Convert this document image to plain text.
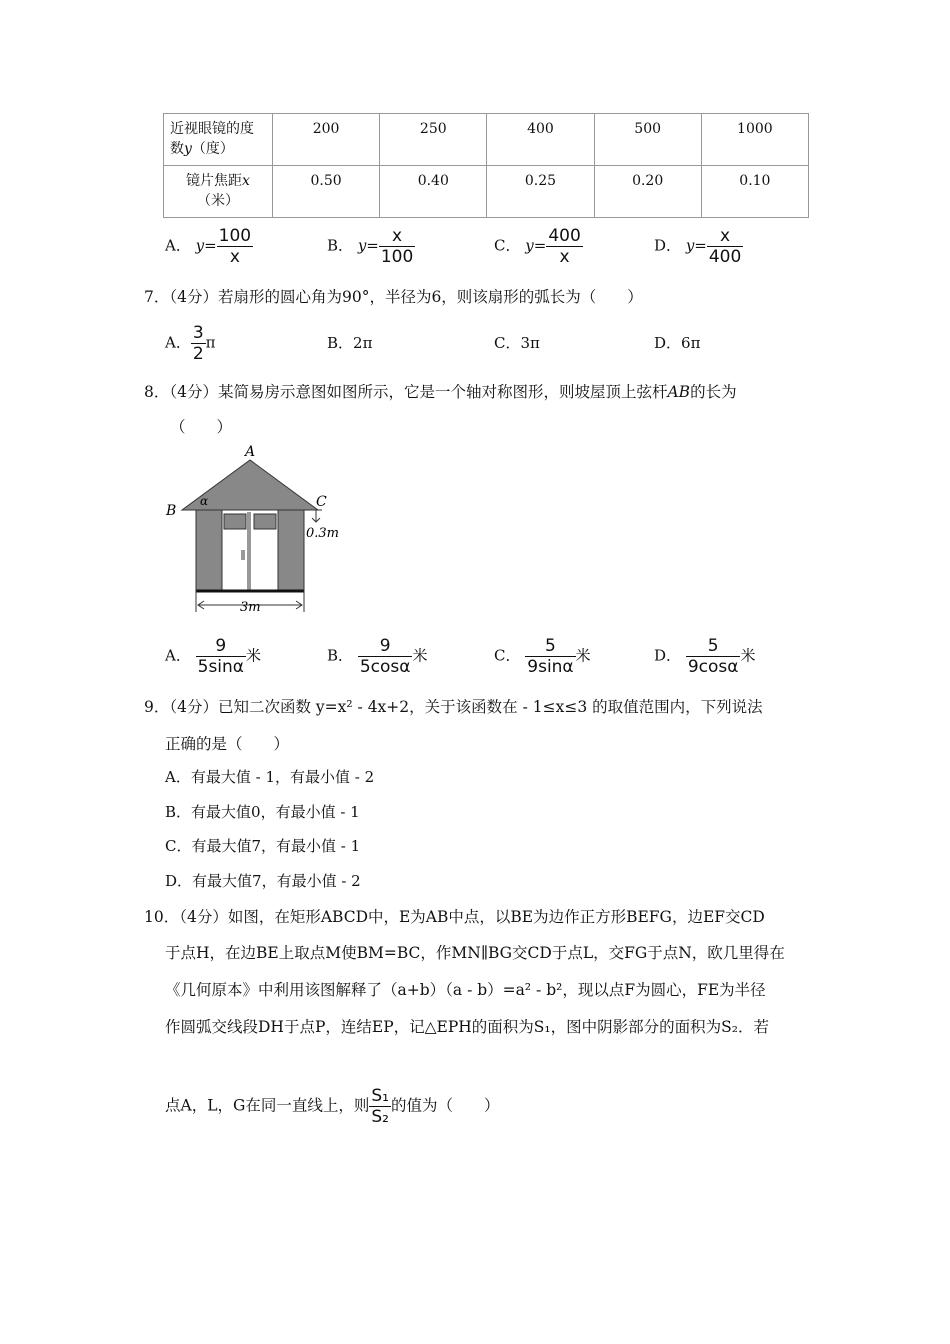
近视眼镜的度
数y（度）	200	250	400	500	1000
镜片焦距x
（米）	0.50	0.40	0.25	0.20	0.10
A． $y= \frac{100}{x}$	B． $y= \frac{x}{100}$	C． $y= \frac{400}{x}$	D． $y= \frac{x}{400}$
7．（4分）若扇形的圆心角为90°，半径为6，则该扇形的弧长为（　　）
A． $\frac{3}{2}$ π	B．2π	C．3π	D．6π
8．（4分）某简易房示意图如图所示，它是一个轴对称图形，则坡屋顶上弦杆AB的长为
（　　）
A
B
C
α
0.3m
3m
A． $\frac{9}{5\sin\alpha}$ 米	B． $\frac{9}{5\cos\alpha}$ 米	C． $\frac{5}{9\sin\alpha}$ 米	D． $\frac{5}{9\cos\alpha}$ 米
9．（4分）已知二次函数 y=x² - 4x+2，关于该函数在 - 1≤x≤3 的取值范围内，下列说法
正确的是（　　）
A．有最大值 - 1，有最小值 - 2
B．有最大值0，有最小值 - 1
C．有最大值7，有最小值 - 1
D．有最大值7，有最小值 - 2
10．（4分）如图，在矩形ABCD中，E为AB中点，以BE为边作正方形BEFG，边EF交CD
于点H，在边BE上取点M使BM=BC，作MN∥BG交CD于点L，交FG于点N，欧几里得在
《几何原本》中利用该图解释了（a+b）（a - b）=a² - b²，现以点F为圆心，FE为半径
作圆弧交线段DH于点P，连结EP，记△EPH的面积为S₁，图中阴影部分的面积为S₂．若
点A，L，G在同一直线上，则 $\frac{\text{S₁}}{\text{S₂}}$ 的值为（　　）
